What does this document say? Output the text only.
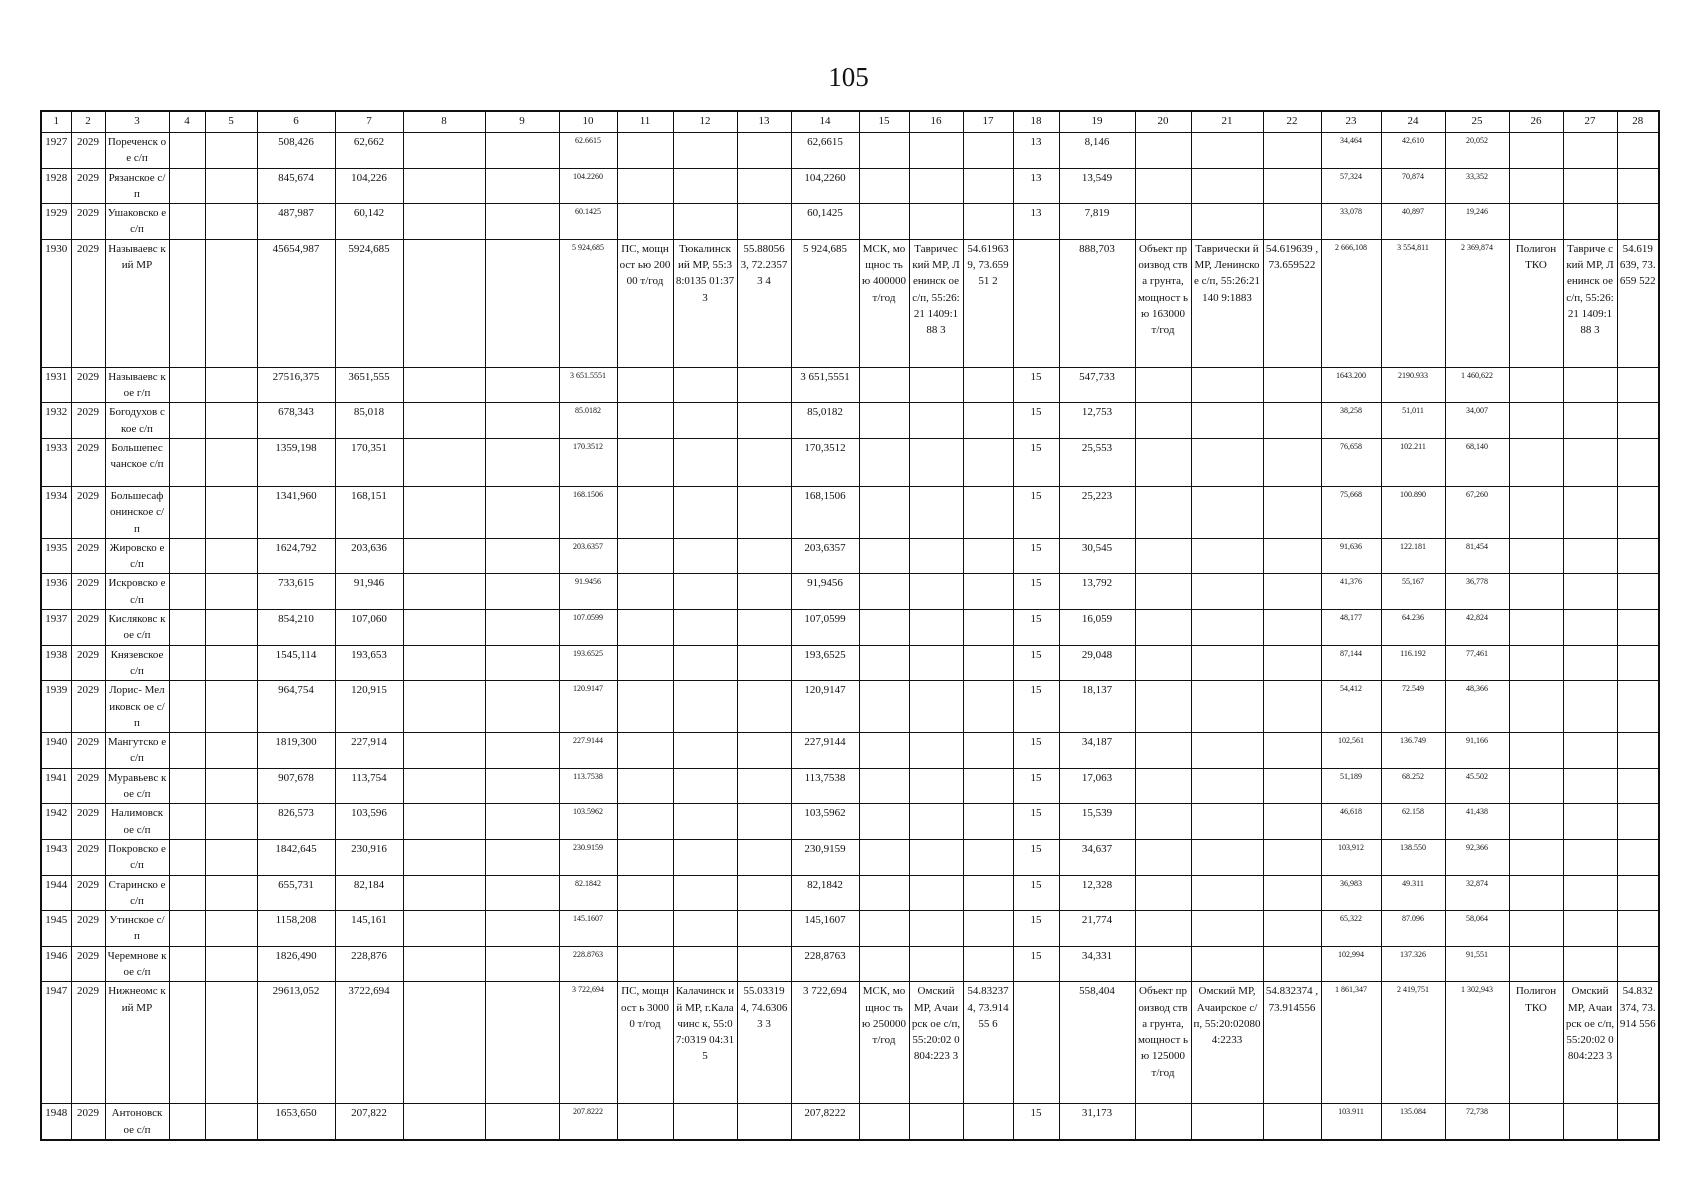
105
1	2	3	4	5	6	7	8	9	10	11	12	13	14	15	16	17	18	19	20	21	22	23	24	25	26	27	28
1927	2029	Пореченск ое с/п			508,426	62,662			62.6615				62,6615				13	8,146				34,464	42,610	20,052			
1928	2029	Рязанское с/п			845,674	104,226			104.2260				104,2260				13	13,549				57,324	70,874	33,352			
1929	2029	Ушаковско е с/п			487,987	60,142			60.1425				60,1425				13	7,819				33,078	40,897	19,246			
1930	2029	Называевс кий МР			45654,987	5924,685			5 924,685	ПС, мощност ью 20000 т/год	Тюкалинск ий МР, 55:38:0135 01:373	55.88056 3, 72.23573 4	5 924,685	МСК, мощнос тью 400000 т/год	Тавричес кий МР, Ленинск ое с/п, 55:26:21 1409:188 3	54.61963 9, 73.65951 2		888,703	Объект производ ства грунта, мощност ью 163000 т/год	Таврически й МР, Ленинское с/п, 55:26:21140 9:1883	54.619639 , 73.659522	2 666,108	3 554,811	2 369,874	Полигон ТКО	Тавриче ский МР, Ленинск ое с/п, 55:26:21 1409:188 3	54.619 639, 73.659 522
1931	2029	Называевс кое г/п			27516,375	3651,555			3 651.5551				3 651,5551				15	547,733				1643.200	2190.933	1 460,622			
1932	2029	Богодухов ское с/п			678,343	85,018			85.0182				85,0182				15	12,753				38,258	51,011	34,007			
1933	2029	Большепес чанское с/п			1359,198	170,351			170.3512				170,3512				15	25,553				76,658	102.211	68,140			
1934	2029	Большесаф онинское с/п			1341,960	168,151			168.1506				168,1506				15	25,223				75,668	100.890	67,260			
1935	2029	Жировско е с/п			1624,792	203,636			203.6357				203,6357				15	30,545				91,636	122.181	81,454			
1936	2029	Искровско е с/п			733,615	91,946			91.9456				91,9456				15	13,792				41,376	55,167	36,778			
1937	2029	Кисляковс кое с/п			854,210	107,060			107.0599				107,0599				15	16,059				48,177	64.236	42,824			
1938	2029	Князевское с/п			1545,114	193,653			193.6525				193,6525				15	29,048				87,144	116.192	77,461			
1939	2029	Лорис- Меликовск ое с/п			964,754	120,915			120.9147				120,9147				15	18,137				54,412	72.549	48,366			
1940	2029	Мангутско е с/п			1819,300	227,914			227.9144				227,9144				15	34,187				102,561	136.749	91,166			
1941	2029	Муравьевс кое с/п			907,678	113,754			113.7538				113,7538				15	17,063				51,189	68.252	45.502			
1942	2029	Налимовск ое с/п			826,573	103,596			103.5962				103,5962				15	15,539				46,618	62.158	41,438			
1943	2029	Покровско е с/п			1842,645	230,916			230.9159				230,9159				15	34,637				103,912	138.550	92,366			
1944	2029	Старинско е с/п			655,731	82,184			82.1842				82,1842				15	12,328				36,983	49.311	32,874			
1945	2029	Утинское с/п			1158,208	145,161			145.1607				145,1607				15	21,774				65,322	87.096	58,064			
1946	2029	Черемнове кое с/п			1826,490	228,876			228.8763				228,8763				15	34,331				102,994	137.326	91,551			
1947	2029	Нижнеомс кий МР			29613,052	3722,694			3 722,694	ПС, мощност ь 30000 т/год	Калачинск ий МР, г.Калачинс к, 55:07:0319 04:315	55.03319 4, 74.63063 3	3 722,694	МСК, мощнос тью 250000 т/год	Омский МР, Ачаирск ое с/п, 55:20:02 0804:223 3	54.83237 4, 73.91455 6		558,404	Объект производ ства грунта, мощност ью 125000 т/год	Омский МР, Ачаирское с/п, 55:20:02080 4:2233	54.832374 , 73.914556	1 861,347	2 419,751	1 302,943	Полигон ТКО	Омский МР, Ачаирск ое с/п, 55:20:02 0804:223 3	54.832 374, 73.914 556
1948	2029	Антоновск ое с/п			1653,650	207,822			207.8222				207,8222				15	31,173				103.911	135.084	72,738			
